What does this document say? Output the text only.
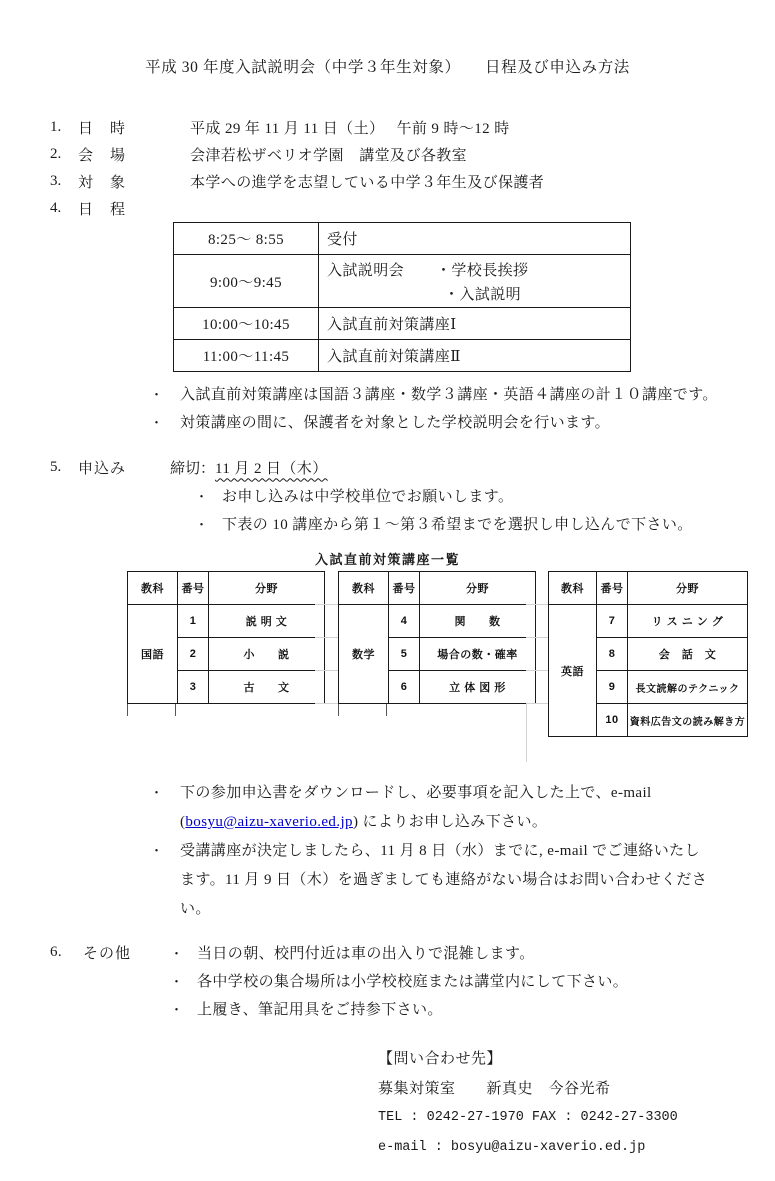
平成 30 年度入試説明会（中学３年生対象）　　日程及び申込み方法
1.	日　時	平成 29 年 11 月 11 日（土）　 午前 9 時～12 時
2.	会　場	会津若松ザベリオ学園　講堂及び各教室
3.	対　象	本学への進学を志望している中学３年生及び保護者
4.	日　程
8:25～ 8:55	受付
9:00～9:45	入試説明会 ・学校長挨拶
・入試説明

10:00～10:45	入試直前対策講座Ⅰ
11:00～11:45	入試直前対策講座Ⅱ
・	入試直前対策講座は国語３講座・数学３講座・英語４講座の計１０講座です。
・	対策講座の間に、保護者を対象とした学校説明会を行います。
5.	申込み	締切： 11 月 2 日（木）
・ お申し込みは中学校単位でお願いします。
・ 下表の 10 講座から第１～第３希望までを選択し申し込んで下さい。
入試直前対策講座一覧
教科	番号	分野
国語	1	説 明 文
	2	小　　説
	3	古　　文
教科	番号	分野
数学	4	関　　数
	5	場合の数・確率
	6	立 体 図 形
教科	番号	分野
英語	7	リ ス ニ ン グ
	8	会　話　文
	9	長文読解のテクニック
	10	資料広告文の読み解き方
・	下の参加申込書をダウンロードし、必要事項を記入した上で、e-mail
(bosyu@aizu-xaverio.ed.jp) によりお申し込み下さい。
・	受講講座が決定しましたら、11 月 8 日（水）までに, e-mail でご連絡いたし
ます。11 月 9 日（木）を過ぎましても連絡がない場合はお問い合わせくださ
い。
6.	その他	・ 当日の朝、校門付近は車の出入りで混雑します。
・ 各中学校の集合場所は小学校校庭または講堂内にして下さい。
・ 上履き、筆記用具をご持参下さい。
【問い合わせ先】
募集対策室　　新真史　今谷光希
TEL : 0242-27-1970 FAX : 0242-27-3300
e-mail : bosyu@aizu-xaverio.ed.jp
